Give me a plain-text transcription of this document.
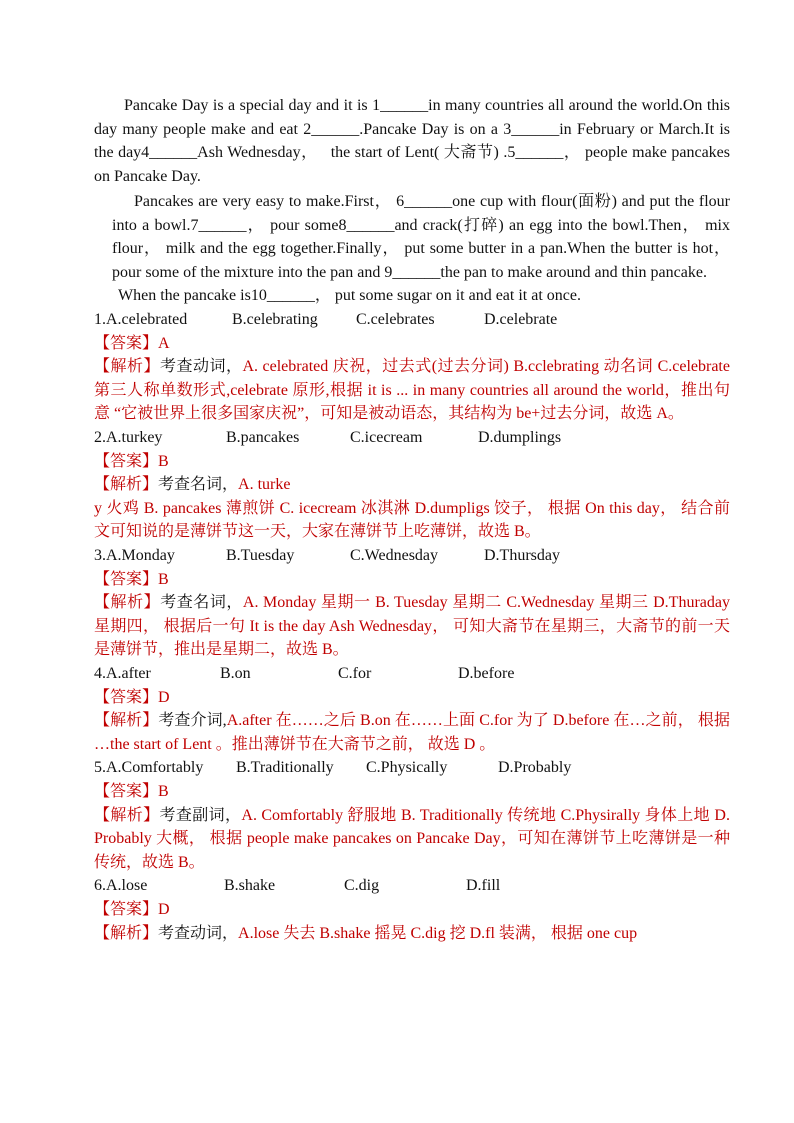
Pancake Day is a special day and it is 1______in many countries all around the world.On this day many people make and eat 2______.Pancake Day is on a 3______in February or March.It is the day4______Ash Wednesday，　 the start of Lent( 大斋节) .5______， people make pancakes on Pancake Day.
Pancakes are very easy to make.First， 6______one cup with flour(面粉) and put the flour into a bowl.7______， pour some8______and crack(打碎) an egg into the bowl.Then， mix flour， milk and the egg together.Finally， put some butter in a pan.When the butter is hot， pour some of the mixture into the pan and 9______the pan to make around and thin pancake.
When the pancake is10______， put some sugar on it and eat it at once.
1.A.celebrated	B.celebrating	C.celebrates	D.celebrate
【答案】A
【解析】考查动词，A. celebrated 庆祝，过去式(过去分词) B.cclebrating 动名词 C.celebrate 第三人称单数形式,celebrate 原形,根据 it is ... in many countries all around the world，推出句意 “它被世界上很多国家庆祝”，可知是被动语态，其结构为 be+过去分词，故选 A。
2.A.turkey	B.pancakes	C.icecream	D.dumplings
【答案】B
【解析】考查名词，A. turke
y 火鸡 B. pancakes 薄煎饼 C. icecream 冰淇淋 D.dumpligs 饺子， 根据 On this day， 结合前文可知说的是薄饼节这一天，大家在薄饼节上吃薄饼，故选 B。
3.A.Monday	B.Tuesday	C.Wednesday	D.Thursday
【答案】B
【解析】考查名词，A. Monday 星期一 B. Tuesday 星期二 C.Wednesday 星期三 D.Thuraday 星期四， 根据后一句 It is the day Ash Wednesday， 可知大斋节在星期三，大斋节的前一天是薄饼节，推出是星期二，故选 B。
4.A.after	B.on	C.for	D.before
【答案】D
【解析】考查介词,A.after 在……之后 B.on 在……上面 C.for 为了 D.before 在…之前， 根据 …the start of Lent 。推出薄饼节在大斋节之前， 故选 D 。
5.A.Comfortably	B.Traditionally	C.Physically	D.Probably
【答案】B
【解析】考查副词，A. Comfortably 舒服地 B. Traditionally 传统地 C.Physirally 身体上地 D. Probably 大概， 根据 people make pancakes on Pancake Day，可知在薄饼节上吃薄饼是一种传统，故选 B。
6.A.lose	B.shake	C.dig	D.fill
【答案】D
【解析】考查动词，A.lose 失去 B.shake 摇晃 C.dig 挖 D.fl 装满， 根据 one cup
